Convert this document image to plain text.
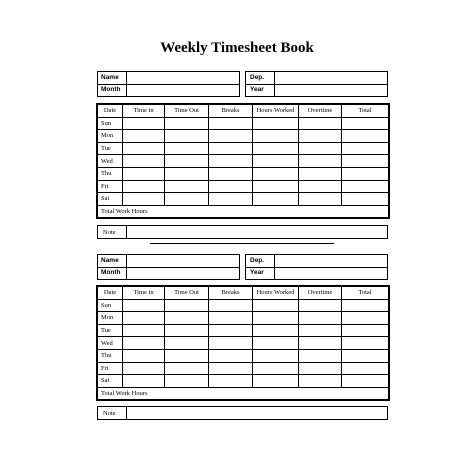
Weekly Timesheet Book
Name
Month
Dep.
Year
Date	Time in	Time Out	Breaks	Hours Worked	Overtime	Total
Sun						
Mon						
Tue						
Wed						
Thu						
Fri						
Sat						
Total Work Hours						
Note
Name
Month
Dep.
Year
Date	Time in	Time Out	Breaks	Hours Worked	Overtime	Total
Sun						
Mon						
Tue						
Wed						
Thu						
Fri						
Sat						
Total Work Hours						
Note
